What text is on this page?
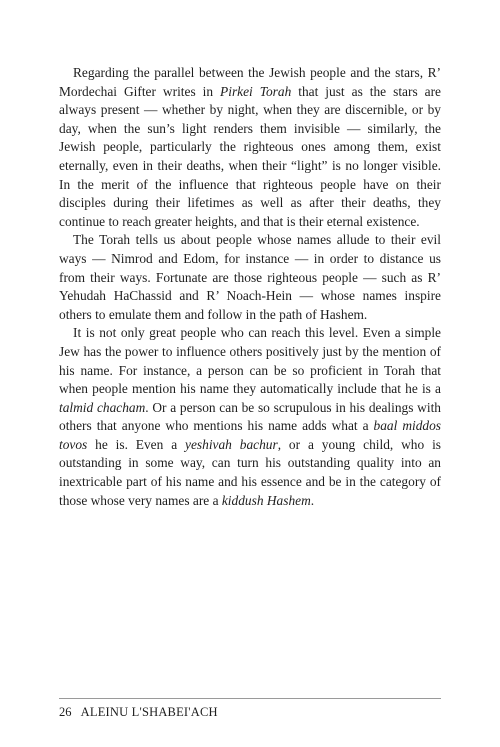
Regarding the parallel between the Jewish people and the stars, R’ Mordechai Gifter writes in Pirkei Torah that just as the stars are always present — whether by night, when they are discernible, or by day, when the sun’s light renders them invisible — similarly, the Jewish people, particularly the righteous ones among them, exist eternally, even in their deaths, when their “light” is no longer visible. In the merit of the influence that righteous people have on their disciples during their lifetimes as well as after their deaths, they continue to reach greater heights, and that is their eternal existence.

The Torah tells us about people whose names allude to their evil ways — Nimrod and Edom, for instance — in order to distance us from their ways. Fortunate are those righteous people — such as R’ Yehudah HaChassid and R’ Noach-Hein — whose names inspire others to emulate them and follow in the path of Hashem.

It is not only great people who can reach this level. Even a simple Jew has the power to influence others positively just by the mention of his name. For instance, a person can be so proficient in Torah that when people mention his name they automatically include that he is a talmid chacham. Or a person can be so scrupulous in his dealings with others that anyone who mentions his name adds what a baal middos tovos he is. Even a yeshivah bachur, or a young child, who is outstanding in some way, can turn his outstanding quality into an inextricable part of his name and his essence and be in the category of those whose very names are a kiddush Hashem.

26 ALEINU L'SHABEI'ACH
